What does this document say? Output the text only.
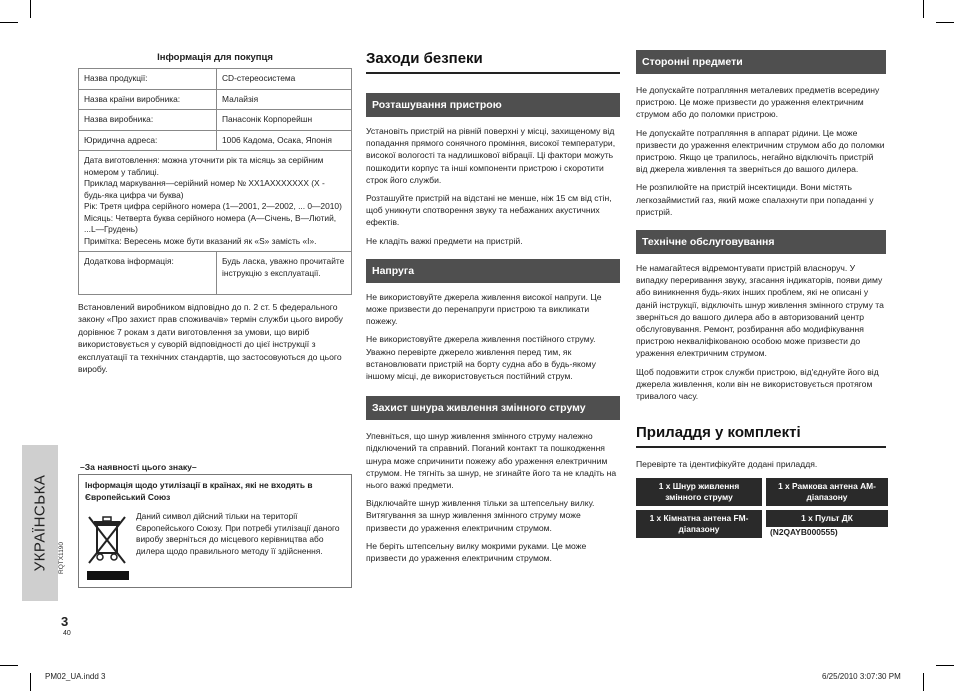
Інформація для покупця
Назва продукції:	CD-стереосистема
Назва країни виробника:	Малайзія
Назва виробника:	Панасонік Корпорейшн
Юридична адреса:	1006 Кадома, Осака, Японія

Дата виготовлення: можна уточнити рік та місяць за серійним номером у таблиці.
Приклад маркування—серійний номер № XX1AXXXXXXX (X - будь-яка цифра чи буква)
Рік: Третя цифра серійного номера (1—2001, 2—2002, ... 0—2010)
Місяць: Четверта буква серійного номера (А—Січень, В—Лютий, ...L—Грудень)
Примітка: Вересень може бути вказаний як «S» замість «I».	

Додаткова інформація:	Будь ласка, уважно прочитайте інструкцію з експлуатації.
Встановлений виробником відповідно до п. 2 ст. 5 федерального закону «Про захист прав споживачів» термін служби цього виробу дорівнює 7 рокам з дати виготовлення за умови, що виріб використовується у суворій відповідності до цієї інструкції з експлуатації та технічних стандартів, що застосовуються до цього виробу.
–За наявності цього знаку–
Інформація щодо утилізації в країнах, які не входять в Європейський Союз
Даний символ дійсний тільки на території Європейського Союзу. При потребі утилізації даного виробу зверніться до місцевого керівництва або дилера щодо правильного методу її здійснення.
УКРАЇНСЬКА RQTX1190
3
40
Заходи безпеки
Розташування пристрою

Установіть пристрій на рівній поверхні у місці, захищеному від попадання прямого сонячного проміння, високої температури, високої вологості та надлишкової вібрації. Ці фактори можуть пошкодити корпус та інші компоненти пристрою і скоротити строк його служби.

Розташуйте пристрій на відстані не менше, ніж 15 см від стін, щоб уникнути спотворення звуку та небажаних акустичних ефектів.

Не кладіть важкі предмети на пристрій.

Напруга

Не використовуйте джерела живлення високої напруги. Це може призвести до перенапруги пристрою та викликати пожежу.

Не використовуйте джерела живлення постійного струму. Уважно перевірте джерело живлення перед тим, як встановлювати пристрій на борту судна або в будь-якому іншому місці, де використовується постійний струм.

Захист шнура живлення змінного струму

Упевніться, що шнур живлення змінного струму належно підключений та справний. Поганий контакт та пошкодження шнура може спричинити пожежу або ураження електричним струмом. Не тягніть за шнур, не згинайте його та не кладіть на нього важкі предмети.

Відключайте шнур живлення тільки за штепсельну вилку. Витягування за шнур живлення змінного струму може призвести до ураження електричним струмом.

Не беріть штепсельну вилку мокрими руками. Це може призвести до ураження електричним струмом.

Сторонні предмети

Не допускайте потрапляння металевих предметів всередину пристрою. Це може призвести до ураження електричним струмом або до поломки пристрою.

Не допускайте потрапляння в аппарат рідини. Це може призвести до ураження електричним струмом або до поломки пристрою. Якщо це трапилось, негайно відключіть пристрій від джерела живлення та зверніться до вашого дилера.

Не розпилюйте на пристрій інсектициди. Вони містять легкозаймистий газ, який може спалахнути при попаданні у пристрій.

Технічне обслуговування

Не намагайтеся відремонтувати пристрій власноруч. У випадку переривання звуку, згасання індикаторів, появи диму або виникнення будь-яких інших проблем, які не описані у даній інструкції, відключіть шнур живлення змінного струму та зверніться до вашого дилера або в авторизований центр обслуговування. Ремонт, розбирання або модифікування пристрою некваліфікованою особою може призвести до ураження електричним струмом.

Щоб подовжити строк служби пристрою, від'єднуйте його від джерела живлення, коли він не використовується протягом тривалого часу.

Приладдя у комплекті
Перевірте та ідентифікуйте додані приладдя.
1 x Шнур живлення змінного струму
1 x Рамкова антена AM-діапазону
1 x Кімнатна антена FM-діапазону
1 x Пульт ДК
(N2QAYB000555)
PM02_UA.indd 3	6/25/2010 3:07:30 PM
